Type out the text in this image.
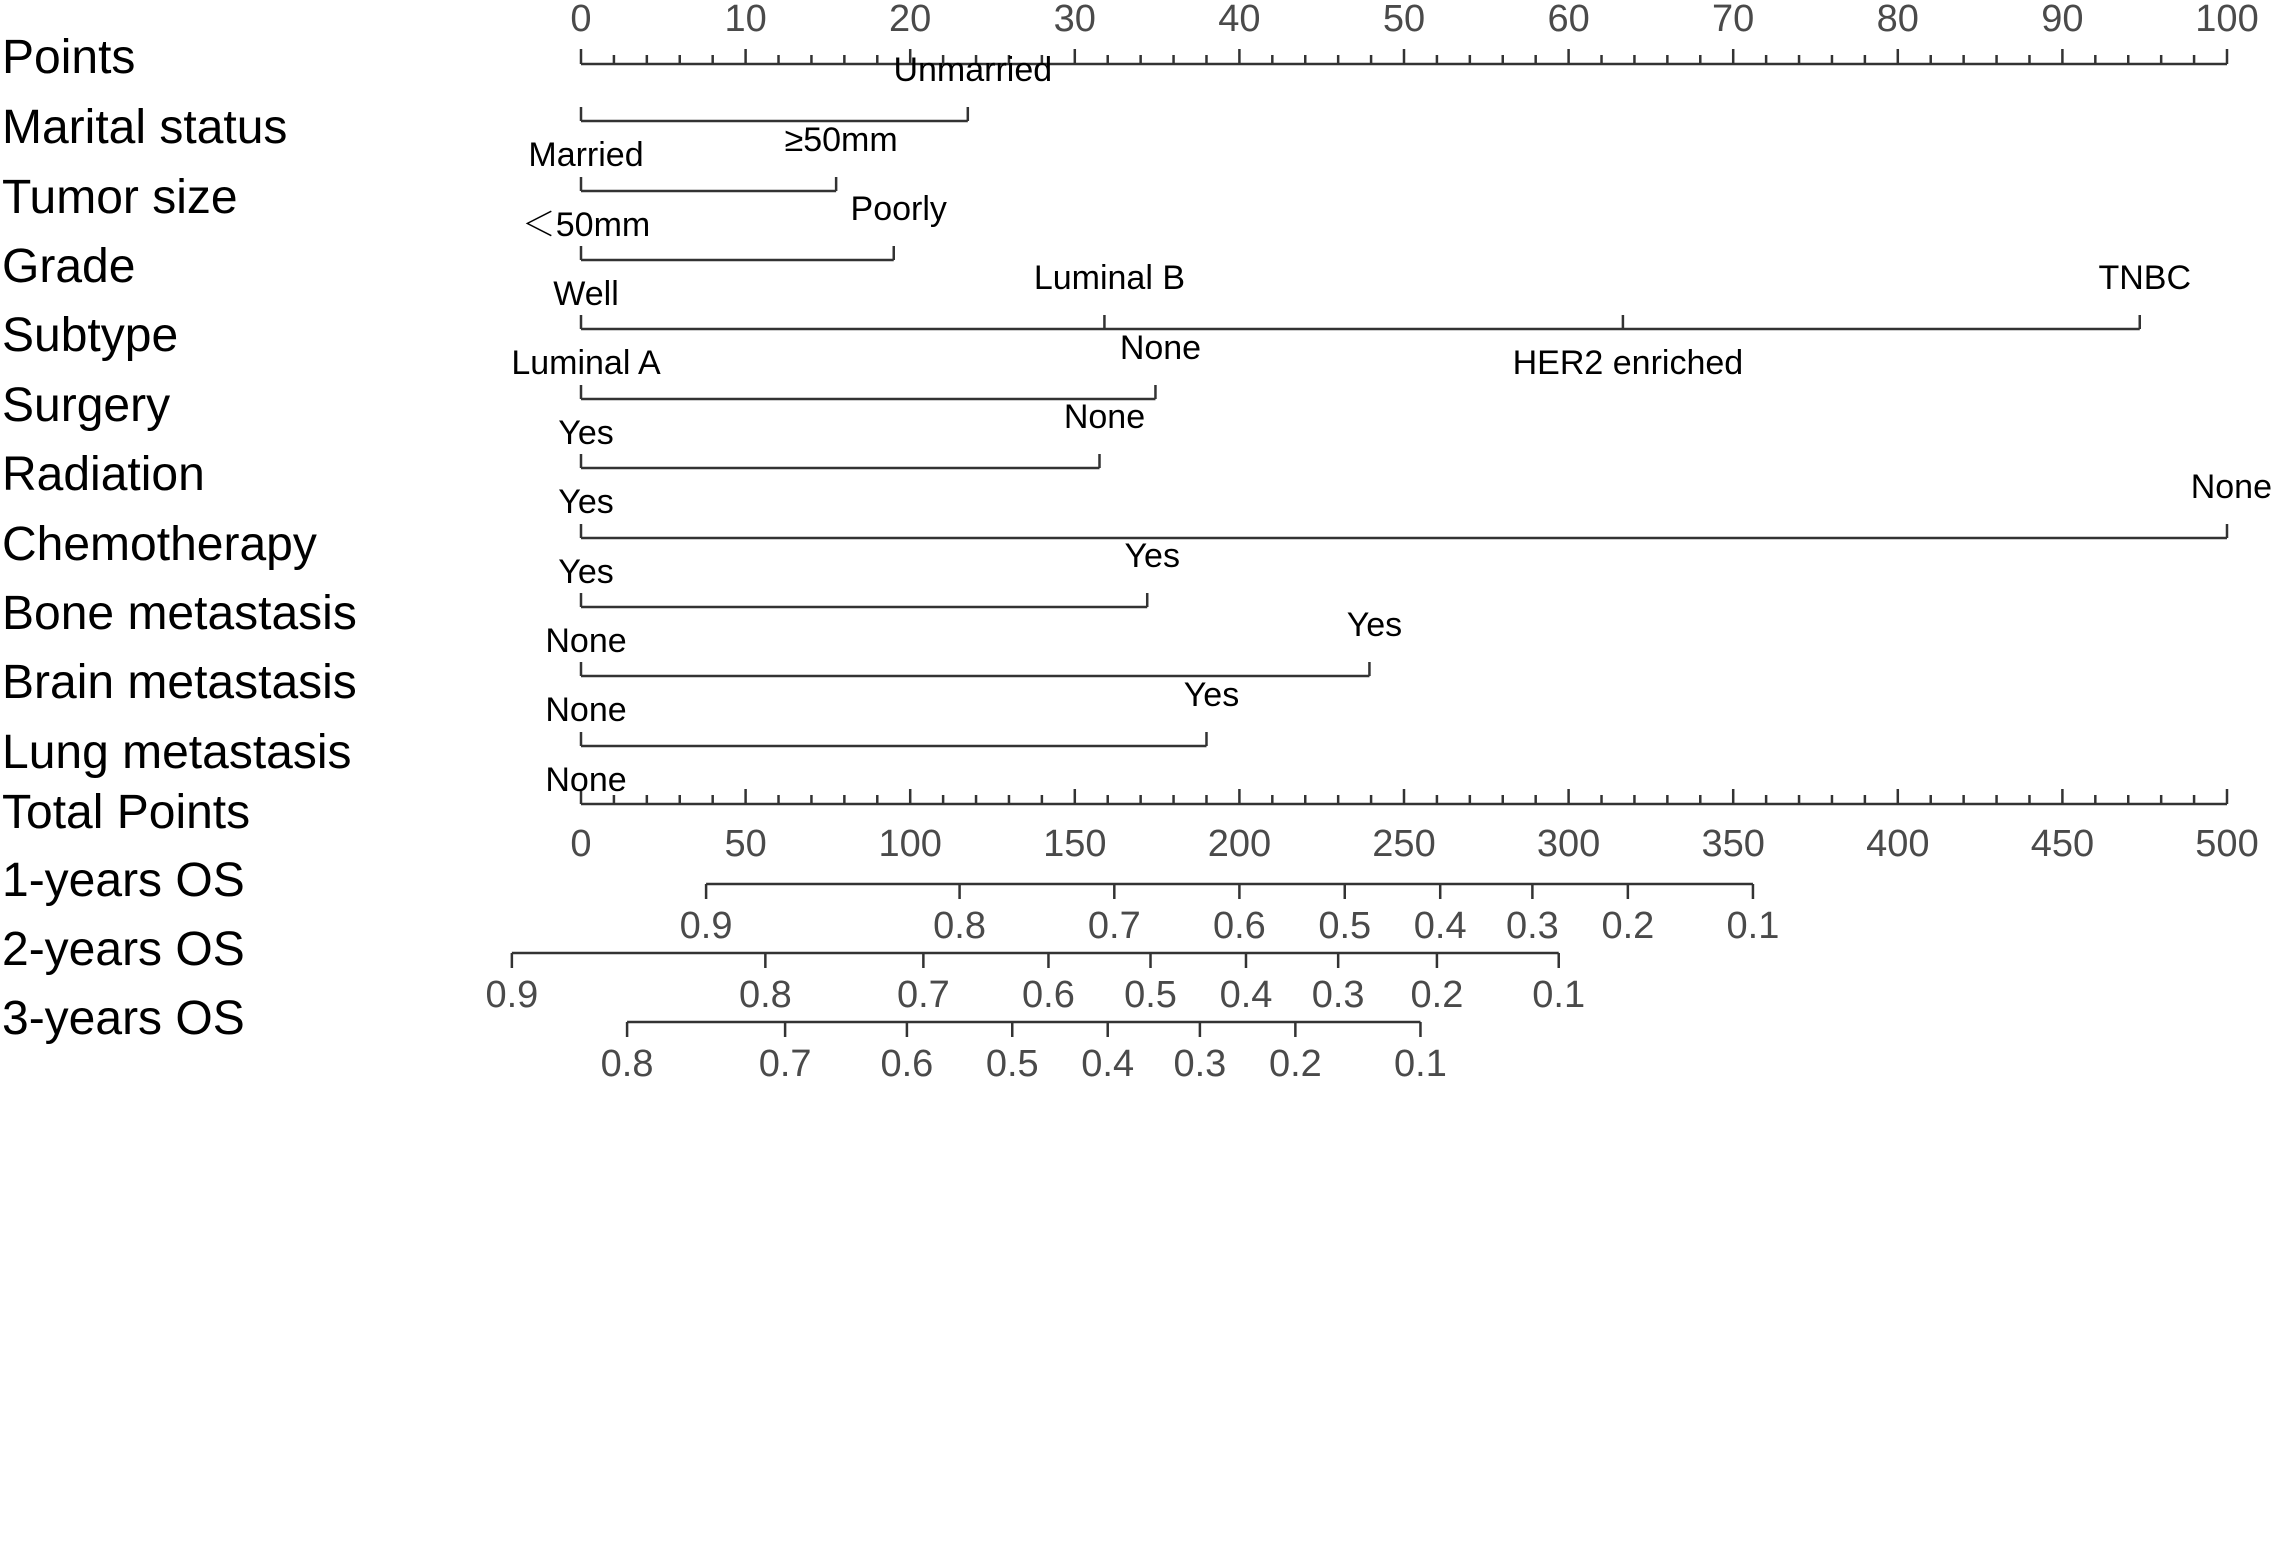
Points
0	10	20	30	40	50	60	70	80	90	100
Marital status
Married
Unmarried
Tumor size
＜50mm
≥50mm
Grade
Well
Poorly
Subtype
Luminal A
Luminal B
HER2 enriched
TNBC
Surgery
Yes
None
Radiation
Yes
None
Chemotherapy
Yes
None
Bone metastasis
None
Yes
Brain metastasis
None
Yes
Lung metastasis
None
Yes
Total Points
0	50	100	150	200	250	300	350	400	450	500
1-years OS
0.9	0.8	0.7 0.6 0.5 0.4 0.3 0.2 0.1
2-years OS
0.9	0.8	0.7 0.6 0.5 0.4 0.3 0.2 0.1
3-years OS
0.8	0.7 0.6 0.5 0.4 0.3 0.2 0.1
